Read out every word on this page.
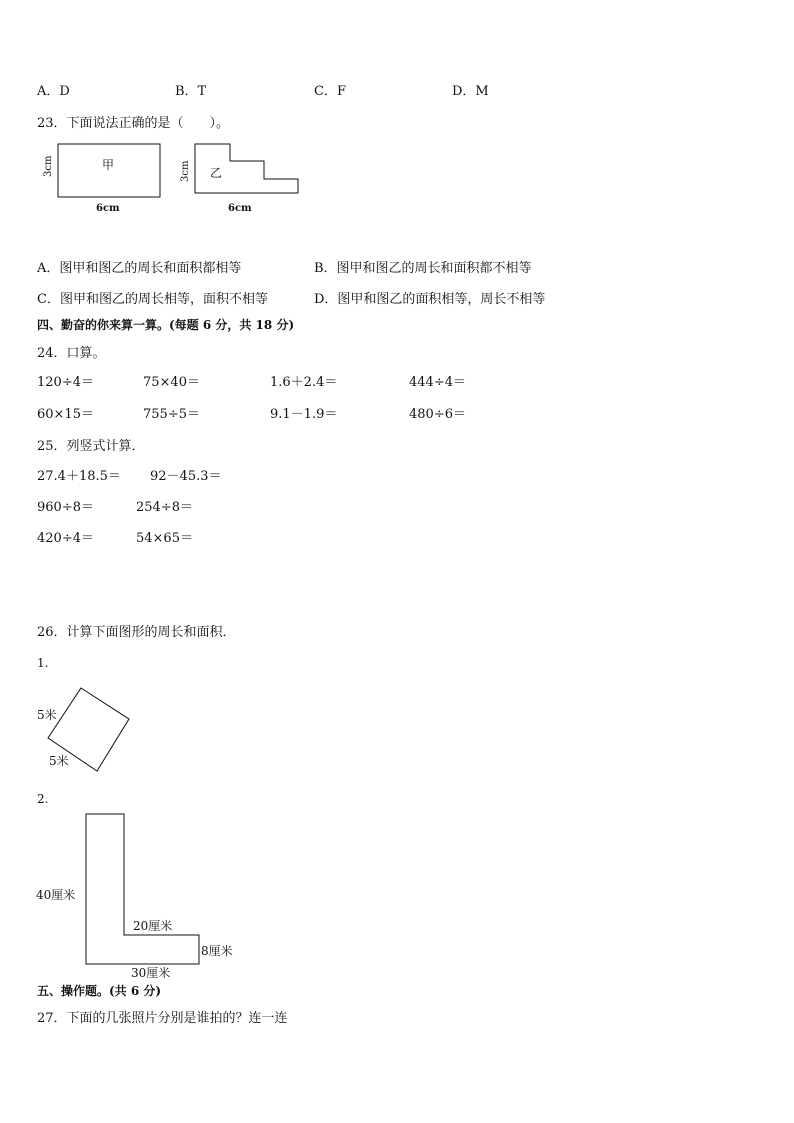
A．D	B．T	C．F	D．M
23．下面说法正确的是（　　）。
甲
3cm
6cm
乙
3cm
6cm
A．图甲和图乙的周长和面积都相等	B．图甲和图乙的周长和面积都不相等
C．图甲和图乙的周长相等，面积不相等	D．图甲和图乙的面积相等，周长不相等
四、勤奋的你来算一算。(每题 6 分，共 18 分)
24．口算。
120÷4＝	75×40＝	1.6＋2.4＝	444÷4＝
60×15＝	755÷5＝	9.1－1.9＝	480÷6＝
25．列竖式计算．
27.4＋18.5＝ 92－45.3＝
960÷8＝	254÷8＝
420÷4＝	54×65＝
26．计算下面图形的周长和面积．
1.
5米
5米
2.
40厘米
20厘米
8厘米
30厘米
五、操作题。(共 6 分)
27．下面的几张照片分别是谁拍的？连一连
